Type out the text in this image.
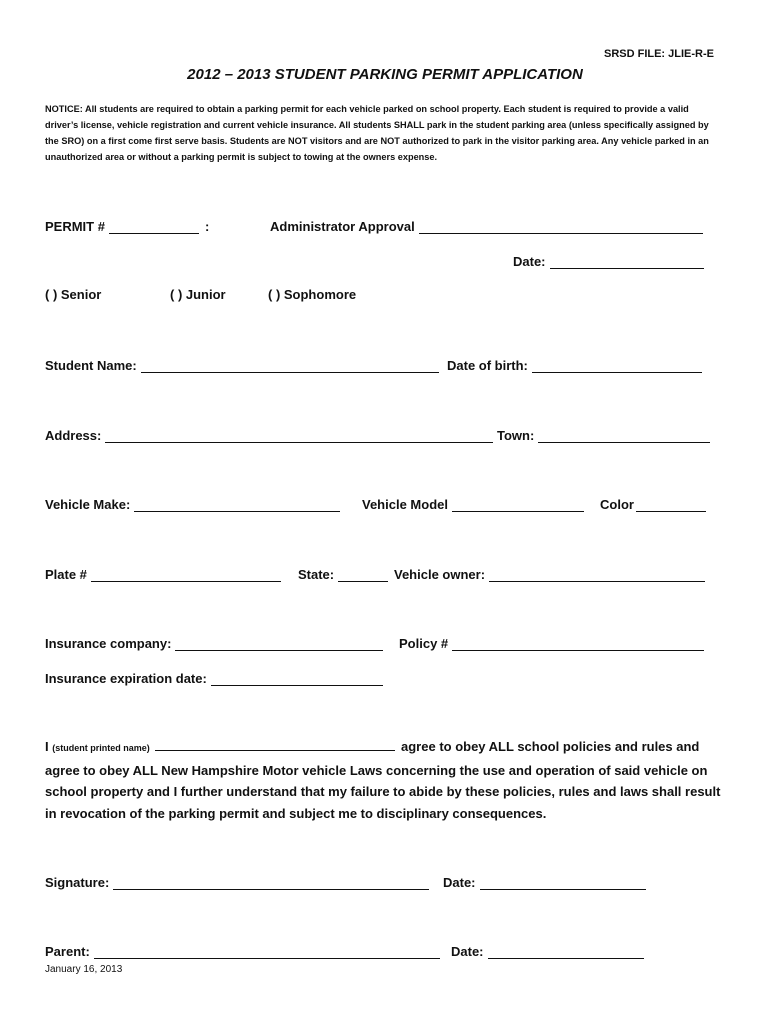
SRSD FILE: JLIE-R-E
2012 – 2013 STUDENT PARKING PERMIT APPLICATION
NOTICE: All students are required to obtain a parking permit for each vehicle parked on school property. Each student is required to provide a valid driver’s license, vehicle registration and current vehicle insurance. All students SHALL park in the student parking area (unless specifically assigned by the SRO) on a first come first serve basis. Students are NOT visitors and are NOT authorized to park in the visitor parking area. Any vehicle parked in an unauthorized area or without a parking permit is subject to towing at the owners expense.
PERMIT #	:	Administrator Approval
Date:
( ) Senior	( ) Junior	( ) Sophomore
Student Name:	Date of birth:
Address:	Town:
Vehicle Make:	Vehicle Model	Color
Plate #	State:	Vehicle owner:
Insurance company:	Policy #
Insurance expiration date:
I (student printed name)	agree to obey ALL school policies and rules and agree to obey ALL New Hampshire Motor vehicle Laws concerning the use and operation of said vehicle on school property and I further understand that my failure to abide by these policies, rules and laws shall result in revocation of the parking permit and subject me to disciplinary consequences.
Signature:	Date:
Parent:	Date:
January 16, 2013
